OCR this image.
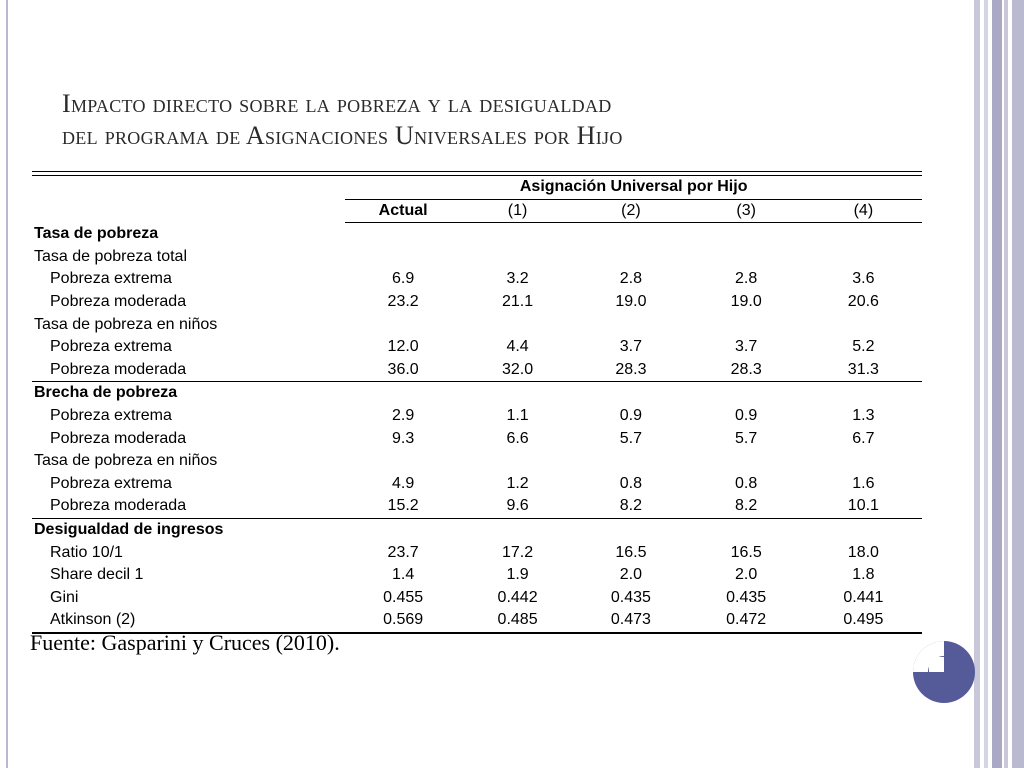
Impacto directo sobre la pobreza y la desigualdad
del programa de Asignaciones Universales por Hijo
	Asignación Universal por Hijo				
	Actual	(1)	(2)	(3)	(4)
Tasa de pobreza					
Tasa de pobreza total					
Pobreza extrema	6.9	3.2	2.8	2.8	3.6
Pobreza moderada	23.2	21.1	19.0	19.0	20.6
Tasa de pobreza en niños					
Pobreza extrema	12.0	4.4	3.7	3.7	5.2
Pobreza moderada	36.0	32.0	28.3	28.3	31.3
Brecha de pobreza					
Pobreza extrema	2.9	1.1	0.9	0.9	1.3
Pobreza moderada	9.3	6.6	5.7	5.7	6.7
Tasa de pobreza en niños					
Pobreza extrema	4.9	1.2	0.8	0.8	1.6
Pobreza moderada	15.2	9.6	8.2	8.2	10.1
Desigualdad de ingresos					
Ratio 10/1	23.7	17.2	16.5	16.5	18.0
Share decil 1	1.4	1.9	2.0	2.0	1.8
Gini	0.455	0.442	0.435	0.435	0.441
Atkinson (2)	0.569	0.485	0.473	0.472	0.495
Fuente: Gasparini y Cruces (2010).
